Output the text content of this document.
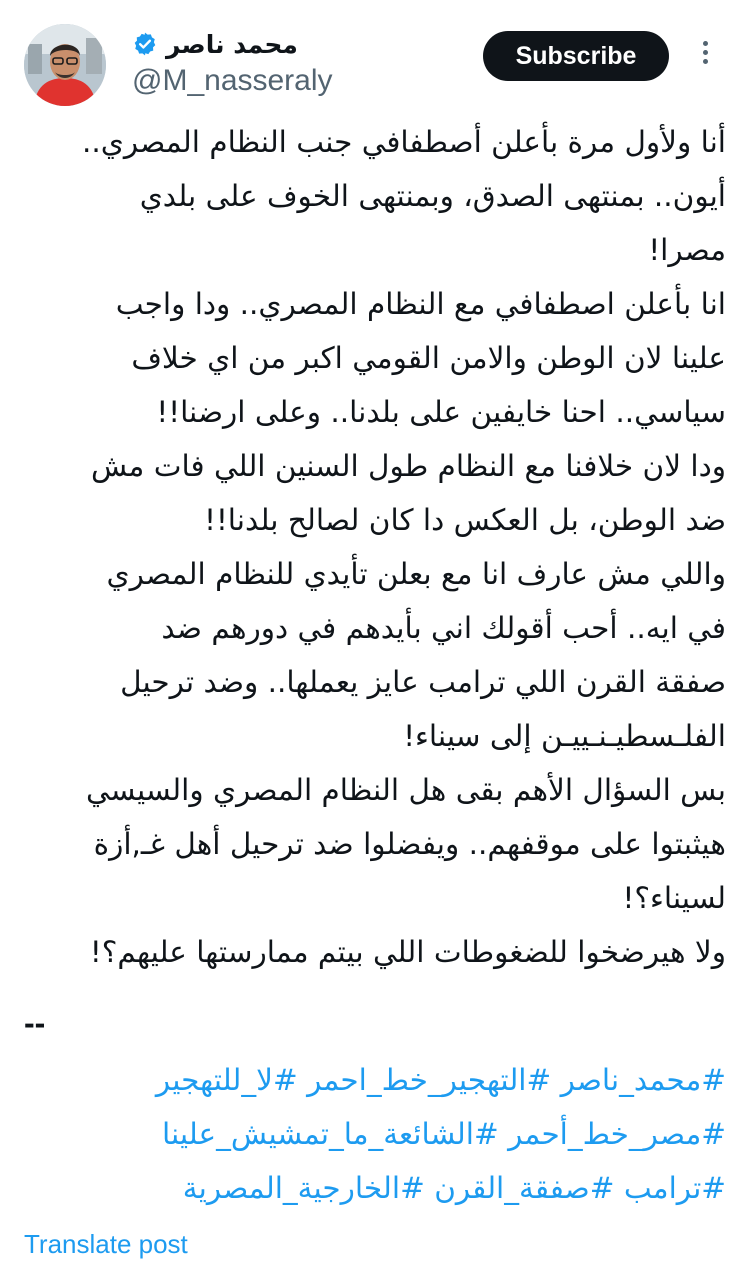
محمد ناصر
@M_nasseraly
Subscribe
أنا ولأول مرة بأعلن أصطفافي جنب النظام المصري..
أيون.. بمنتهى الصدق، وبمنتهى الخوف على بلدي
مصرا!
انا بأعلن اصطفافي مع النظام المصري.. ودا واجب
علينا لان الوطن والامن القومي اكبر من اي خلاف
سياسي.. احنا خايفين على بلدنا.. وعلى ارضنا!!
ودا لان خلافنا مع النظام طول السنين اللي فات مش
ضد الوطن، بل العكس دا كان لصالح بلدنا!!
واللي مش عارف انا مع بعلن تأيدي للنظام المصري
في ايه.. أحب أقولك اني بأيدهم في دورهم ضد
صفقة القرن اللي ترامب عايز يعملها.. وضد ترحيل
الفلـسطيـنـييـن إلى سيناء!
بس السؤال الأهم بقى هل النظام المصري والسيسي
هيثبتوا على موقفهم.. ويفضلوا ضد ترحيل أهل غـ,أزة
لسيناء؟!
ولا هيرضخوا للضغوطات اللي بيتم ممارستها عليهم؟!
--
#محمد_ناصر #التهجير_خط_احمر #لا_للتهجير
#مصر_خط_أحمر #الشائعة_ما_تمشيش_علينا
#ترامب #صفقة_القرن #الخارجية_المصرية
Translate post
